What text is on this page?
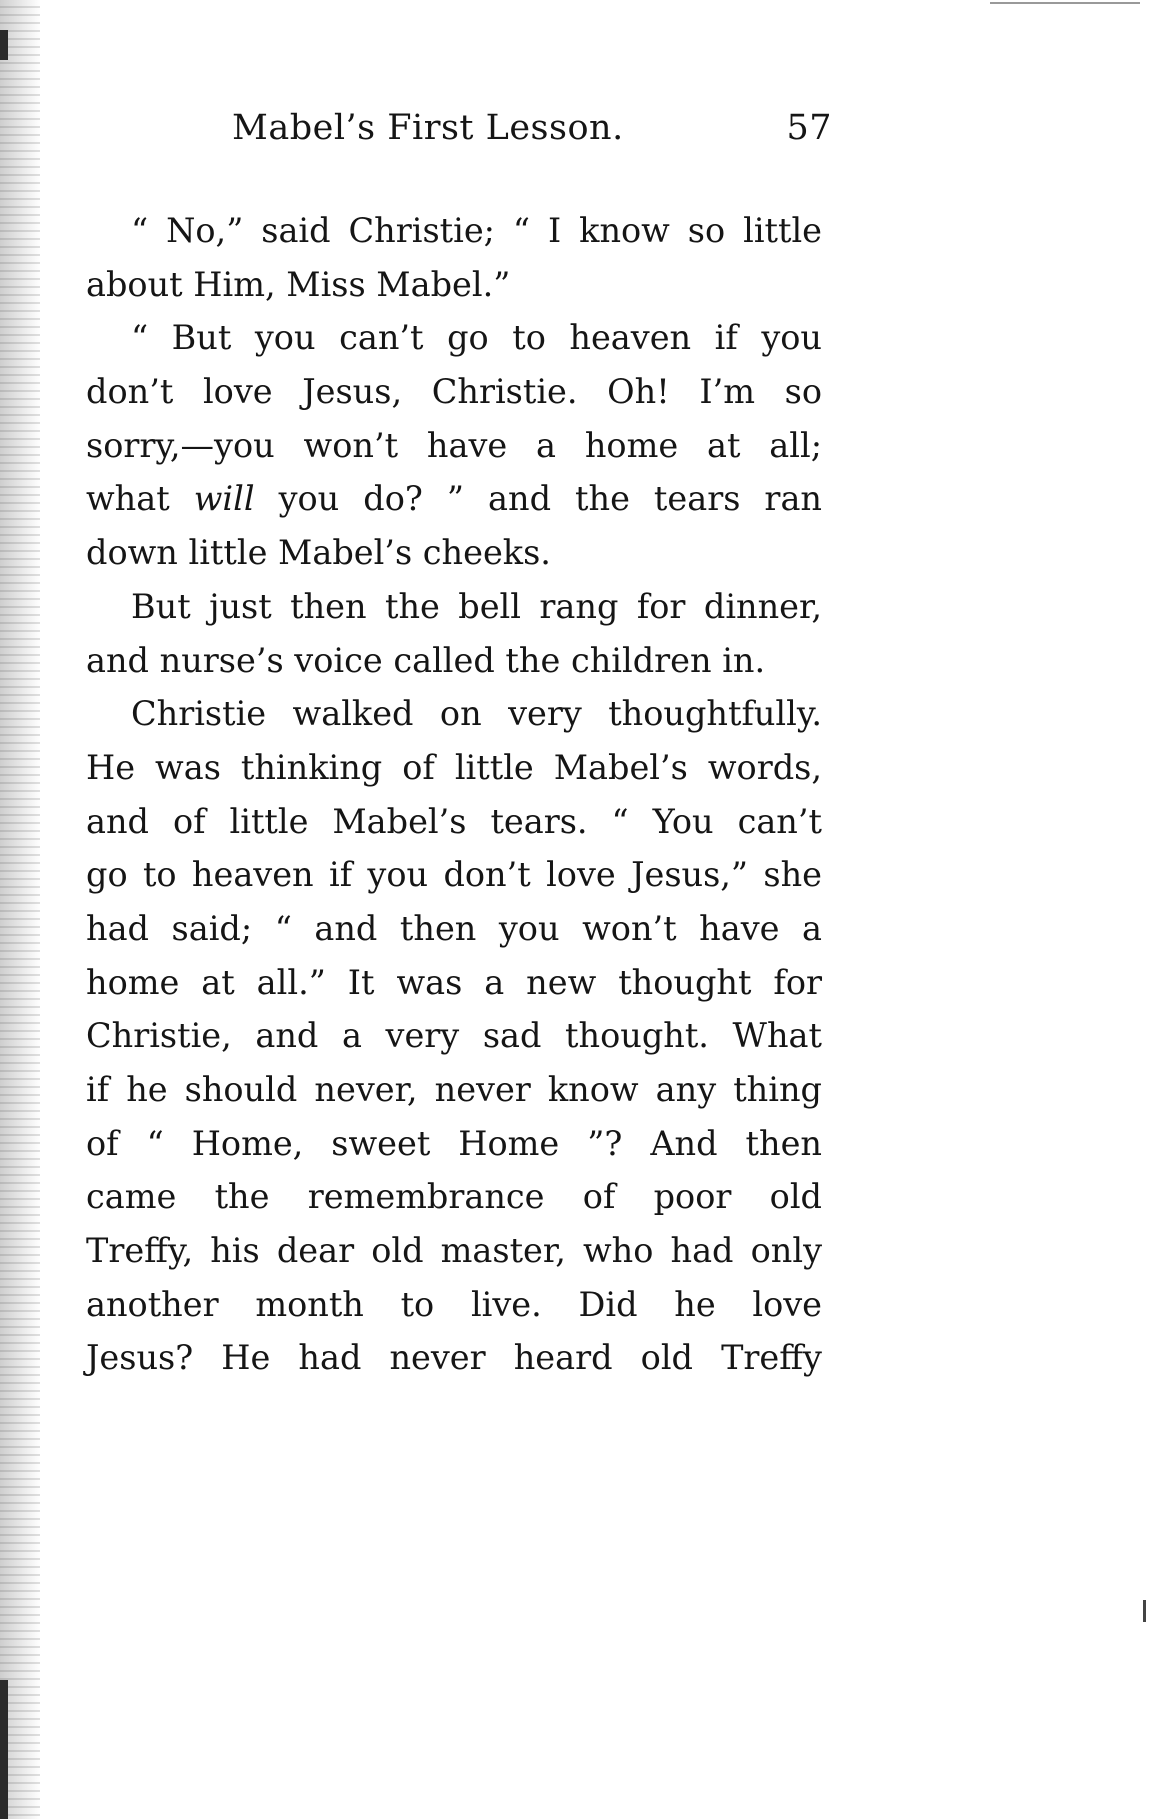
Mabel’s First Lesson.	57
“ No,” said Christie; “ I know so little
about Him, Miss Mabel.”
“ But you can’t go to heaven if you
don’t love Jesus, Christie. Oh! I’m so
sorry,—you won’t have a home at all;
what will you do? ” and the tears ran
down little Mabel’s cheeks.
But just then the bell rang for dinner,
and nurse’s voice called the children in.
Christie walked on very thoughtfully.
He was thinking of little Mabel’s words,
and of little Mabel’s tears. “ You can’t
go to heaven if you don’t love Jesus,” she
had said; “ and then you won’t have a
home at all.” It was a new thought for
Christie, and a very sad thought. What
if he should never, never know any thing
of “ Home, sweet Home ”? And then
came the remembrance of poor old
Treffy, his dear old master, who had only
another month to live. Did he love
Jesus? He had never heard old Treffy
